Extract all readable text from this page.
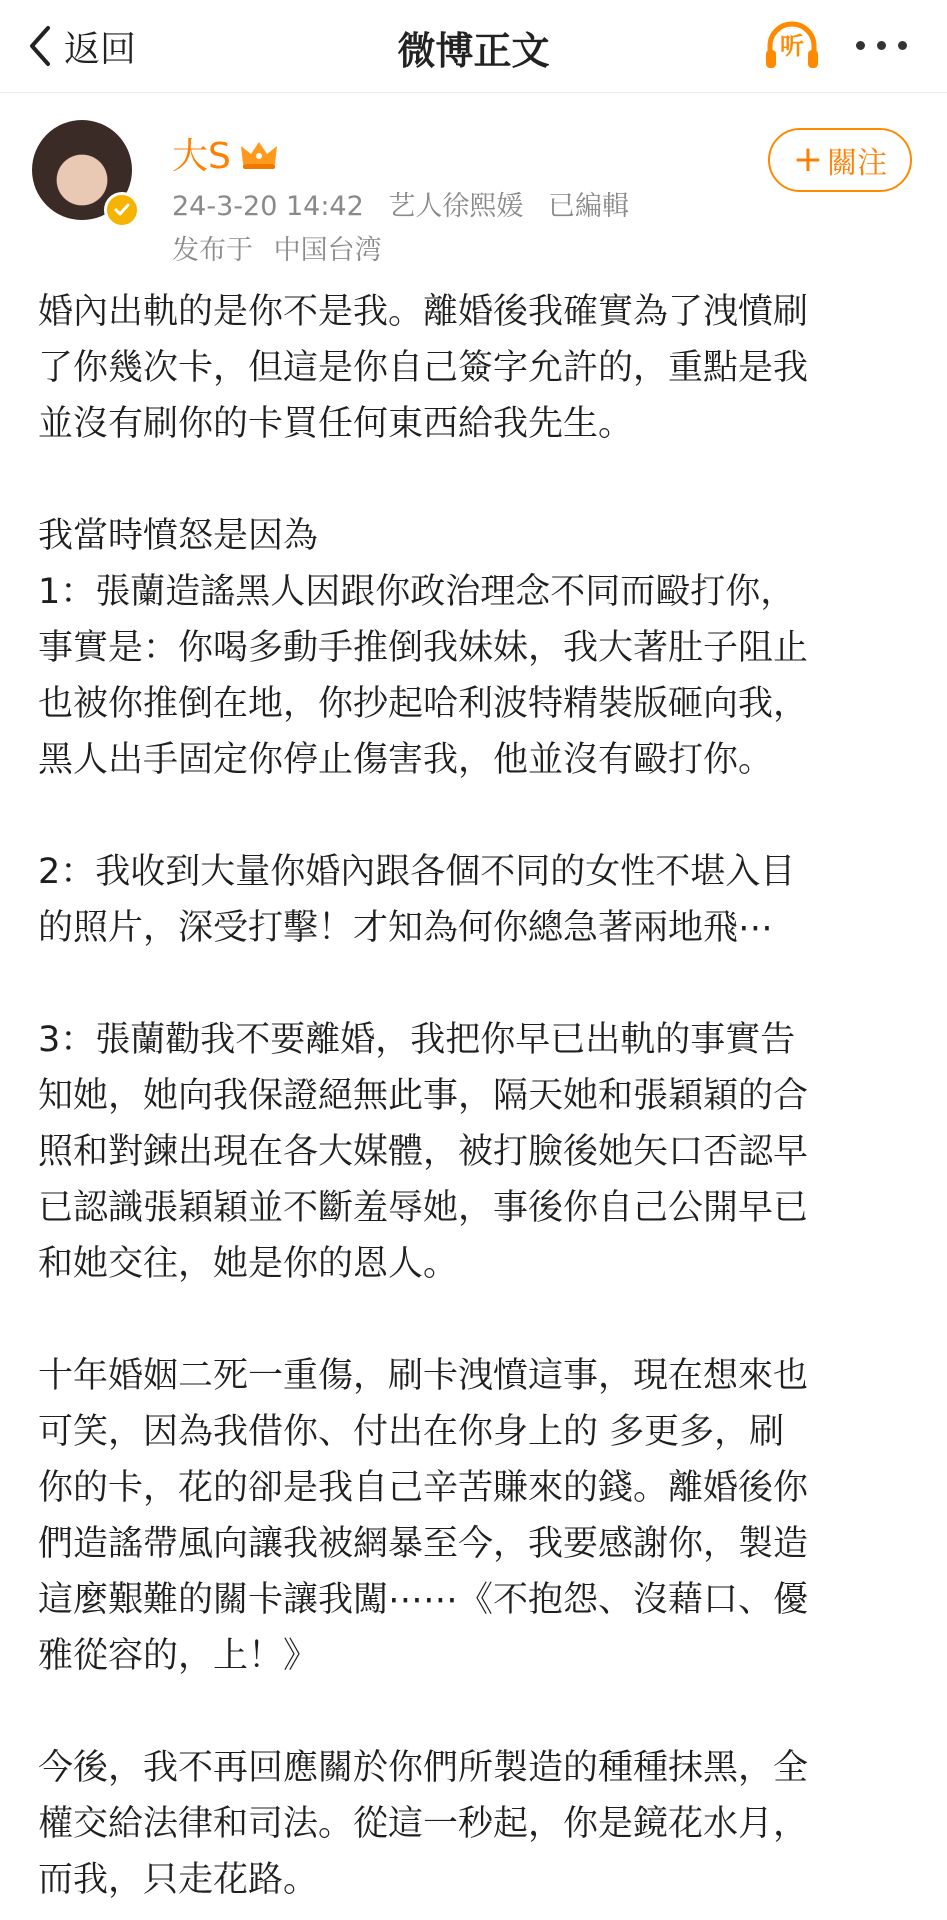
返回	微博正文	听
大S
24-3-20 14:42 艺人徐熙媛 已編輯
发布于 中国台湾
+ 關注

婚內出軌的是你不是我。離婚後我確實為了洩憤刷

了你幾次卡，但這是你自己簽字允許的，重點是我

並沒有刷你的卡買任何東西給我先生。

我當時憤怒是因為

1：張蘭造謠黑人因跟你政治理念不同而毆打你，

事實是：你喝多動手推倒我妹妹，我大著肚子阻止

也被你推倒在地，你抄起哈利波特精裝版砸向我，

黑人出手固定你停止傷害我，他並沒有毆打你。

2：我收到大量你婚內跟各個不同的女性不堪入目

的照片，深受打擊！才知為何你總急著兩地飛⋯

3：張蘭勸我不要離婚，我把你早已出軌的事實告

知她，她向我保證絕無此事，隔天她和張穎穎的合

照和對鍊出現在各大媒體，被打臉後她矢口否認早

已認識張穎穎並不斷羞辱她，事後你自己公開早已

和她交往，她是你的恩人。

十年婚姻二死一重傷，刷卡洩憤這事，現在想來也

可笑，因為我借你、付出在你身上的 多更多，刷

你的卡，花的卻是我自己辛苦賺來的錢。離婚後你

們造謠帶風向讓我被網暴至今，我要感謝你，製造

這麼艱難的關卡讓我闖⋯⋯《不抱怨、沒藉口、優

雅從容的，上！》

今後，我不再回應關於你們所製造的種種抹黑，全

權交給法律和司法。從這一秒起，你是鏡花水月，

而我，只走花路。
